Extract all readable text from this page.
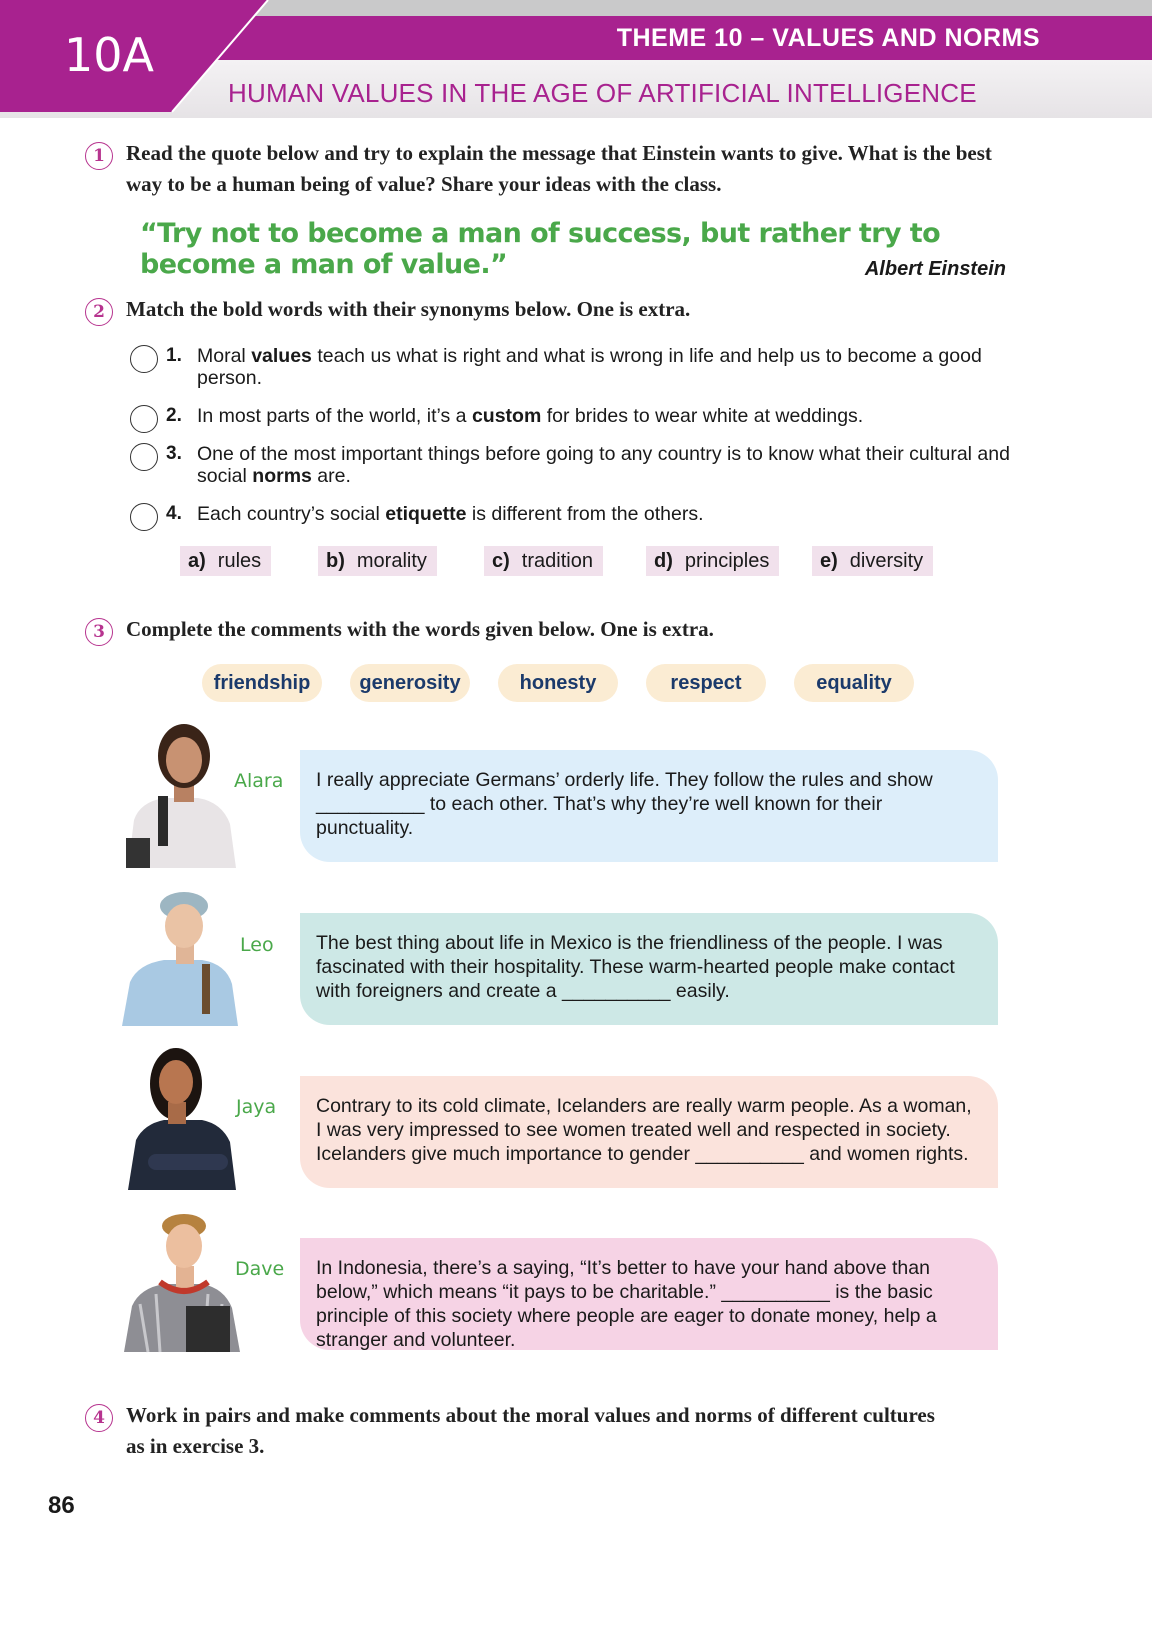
10A	THEME 10 – VALUES AND NORMS
HUMAN VALUES IN THE AGE OF ARTIFICIAL INTELLIGENCE
1	Read the quote below and try to explain the message that Einstein wants to give. What is the best way to be a human being of value? Share your ideas with the class.
“Try not to become a man of success, but rather try to become a man of value.”	Albert Einstein
2	Match the bold words with their synonyms below. One is extra.
1. Moral values teach us what is right and what is wrong in life and help us to become a good person.
2. In most parts of the world, it’s a custom for brides to wear white at weddings.
3. One of the most important things before going to any country is to know what their cultural and social norms are.
4. Each country’s social etiquette is different from the others.
a) rules	b) morality	c) tradition	d) principles	e) diversity
3	Complete the comments with the words given below. One is extra.
friendship	generosity	honesty	respect	equality
Alara	I really appreciate Germans’ orderly life. They follow the rules and show __________ to each other. That’s why they’re well known for their punctuality.
Leo	The best thing about life in Mexico is the friendliness of the people. I was fascinated with their hospitality. These warm-hearted people make contact with foreigners and create a __________ easily.
Jaya	Contrary to its cold climate, Icelanders are really warm people. As a woman, I was very impressed to see women treated well and respected in society. Icelanders give much importance to gender __________ and women rights.
Dave	In Indonesia, there’s a saying, “It’s better to have your hand above than below,” which means “it pays to be charitable.” __________ is the basic principle of this society where people are eager to donate money, help a stranger and volunteer.
4	Work in pairs and make comments about the moral values and norms of different cultures as in exercise 3.
86
